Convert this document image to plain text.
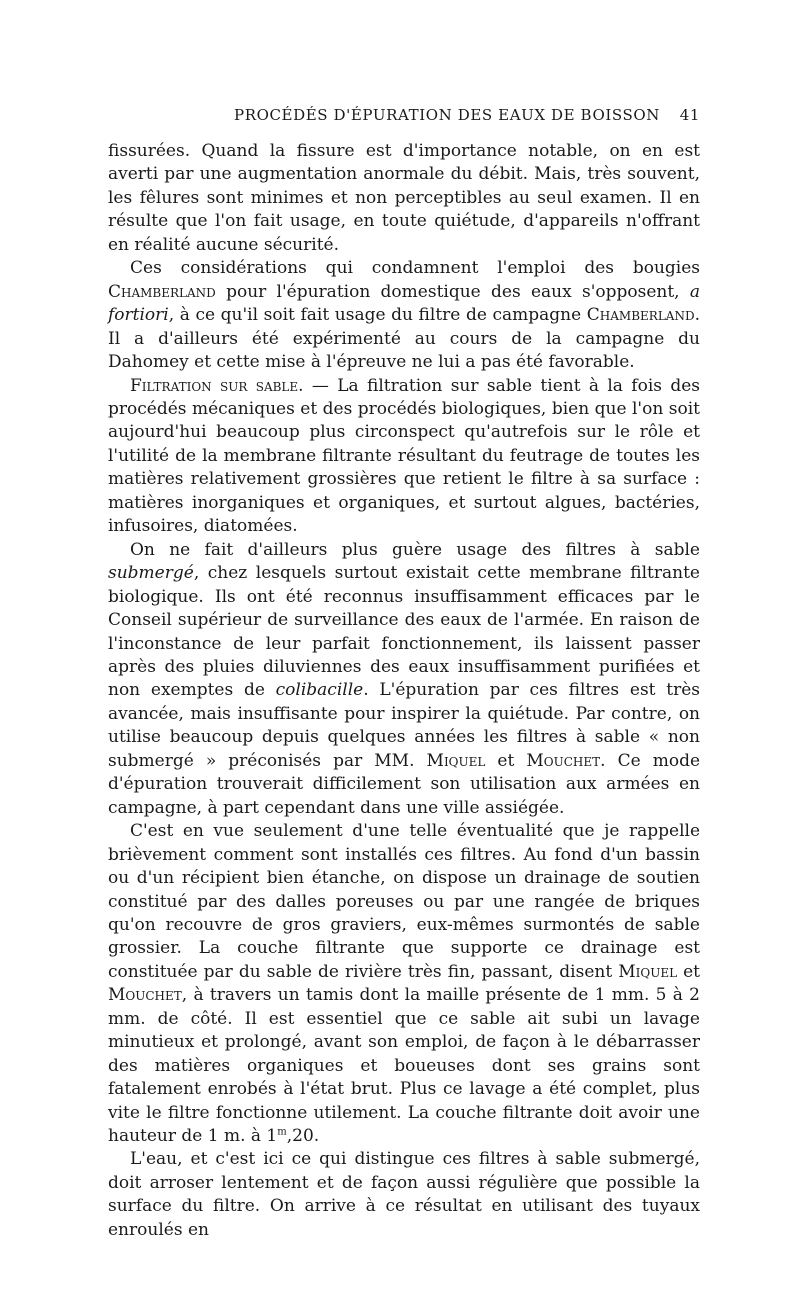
PROCÉDÉS D'ÉPURATION DES EAUX DE BOISSON 41

fissurées. Quand la fissure est d'importance notable, on en est averti par une augmentation anormale du débit. Mais, très souvent, les fêlures sont minimes et non perceptibles au seul examen. Il en résulte que l'on fait usage, en toute quiétude, d'appareils n'offrant en réalité aucune sécurité.

Ces considérations qui condamnent l'emploi des bougies Chamberland pour l'épuration domestique des eaux s'opposent, a fortiori, à ce qu'il soit fait usage du filtre de campagne Chamberland. Il a d'ailleurs été expérimenté au cours de la campagne du Dahomey et cette mise à l'épreuve ne lui a pas été favorable.

Filtration sur sable. — La filtration sur sable tient à la fois des procédés mécaniques et des procédés biologiques, bien que l'on soit aujourd'hui beaucoup plus circonspect qu'autrefois sur le rôle et l'utilité de la membrane filtrante résultant du feutrage de toutes les matières relativement grossières que retient le filtre à sa surface : matières inorganiques et organiques, et surtout algues, bactéries, infusoires, diatomées.

On ne fait d'ailleurs plus guère usage des filtres à sable submergé, chez lesquels surtout existait cette membrane filtrante biologique. Ils ont été reconnus insuffisamment efficaces par le Conseil supérieur de surveillance des eaux de l'armée. En raison de l'inconstance de leur parfait fonctionnement, ils laissent passer après des pluies diluviennes des eaux insuffisamment purifiées et non exemptes de colibacille. L'épuration par ces filtres est très avancée, mais insuffisante pour inspirer la quiétude. Par contre, on utilise beaucoup depuis quelques années les filtres à sable « non submergé » préconisés par MM. Miquel et Mouchet. Ce mode d'épuration trouverait difficilement son utilisation aux armées en campagne, à part cependant dans une ville assiégée.

C'est en vue seulement d'une telle éventualité que je rappelle brièvement comment sont installés ces filtres. Au fond d'un bassin ou d'un récipient bien étanche, on dispose un drainage de soutien constitué par des dalles poreuses ou par une rangée de briques qu'on recouvre de gros graviers, eux-mêmes surmontés de sable grossier. La couche filtrante que supporte ce drainage est constituée par du sable de rivière très fin, passant, disent Miquel et Mouchet, à travers un tamis dont la maille présente de 1 mm. 5 à 2 mm. de côté. Il est essentiel que ce sable ait subi un lavage minutieux et prolongé, avant son emploi, de façon à le débarrasser des matières organiques et boueuses dont ses grains sont fatalement enrobés à l'état brut. Plus ce lavage a été complet, plus vite le filtre fonctionne utilement. La couche filtrante doit avoir une hauteur de 1 m. à 1$^m$,20.

L'eau, et c'est ici ce qui distingue ces filtres à sable submergé, doit arroser lentement et de façon aussi régulière que possible la surface du filtre. On arrive à ce résultat en utilisant des tuyaux enroulés en
